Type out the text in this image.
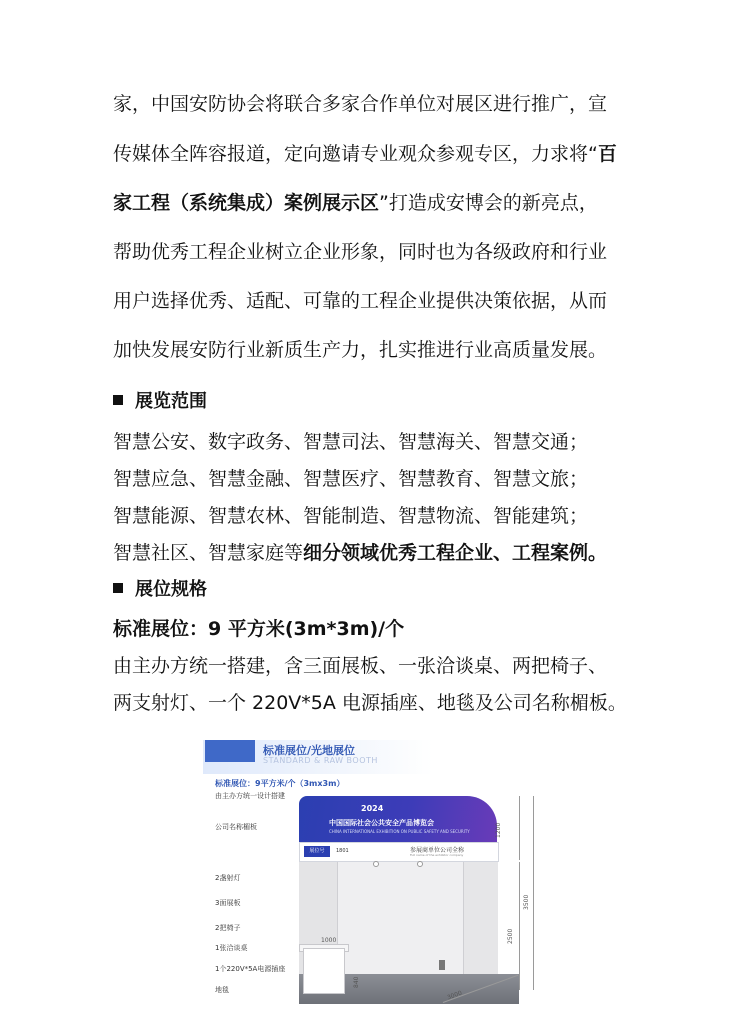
家，中国安防协会将联合多家合作单位对展区进行推广，宣
传媒体全阵容报道，定向邀请专业观众参观专区，力求将“百
家工程（系统集成）案例展示区”打造成安博会的新亮点，
帮助优秀工程企业树立企业形象，同时也为各级政府和行业
用户选择优秀、适配、可靠的工程企业提供决策依据，从而
加快发展安防行业新质生产力，扎实推进行业高质量发展。
展览范围
智慧公安、数字政务、智慧司法、智慧海关、智慧交通；
智慧应急、智慧金融、智慧医疗、智慧教育、智慧文旅；
智慧能源、智慧农林、智能制造、智慧物流、智能建筑；
智慧社区、智慧家庭等细分领域优秀工程企业、工程案例。
展位规格
标准展位：9 平方米(3m*3m)/个
由主办方统一搭建，含三面展板、一张洽谈桌、两把椅子、
两支射灯、一个 220V*5A 电源插座、地毯及公司名称楣板。
标准展位/光地展位
STANDARD & RAW BOOTH
标准展位：9平方米/个（3mx3m）
由主办方统一设计搭建
公司名称楣板
2盏射灯
3面展板
2把椅子
1张洽谈桌
1个220V*5A电源插座
地毯
2024
中国国际社会公共安全产品博览会
CHINA INTERNATIONAL EXHIBITION ON PUBLIC SAFETY AND SECURITY
展位号	1801	参展商单位公司全称
Full name of the exhibitor company
1200
2500
3500
1000
840
3000
